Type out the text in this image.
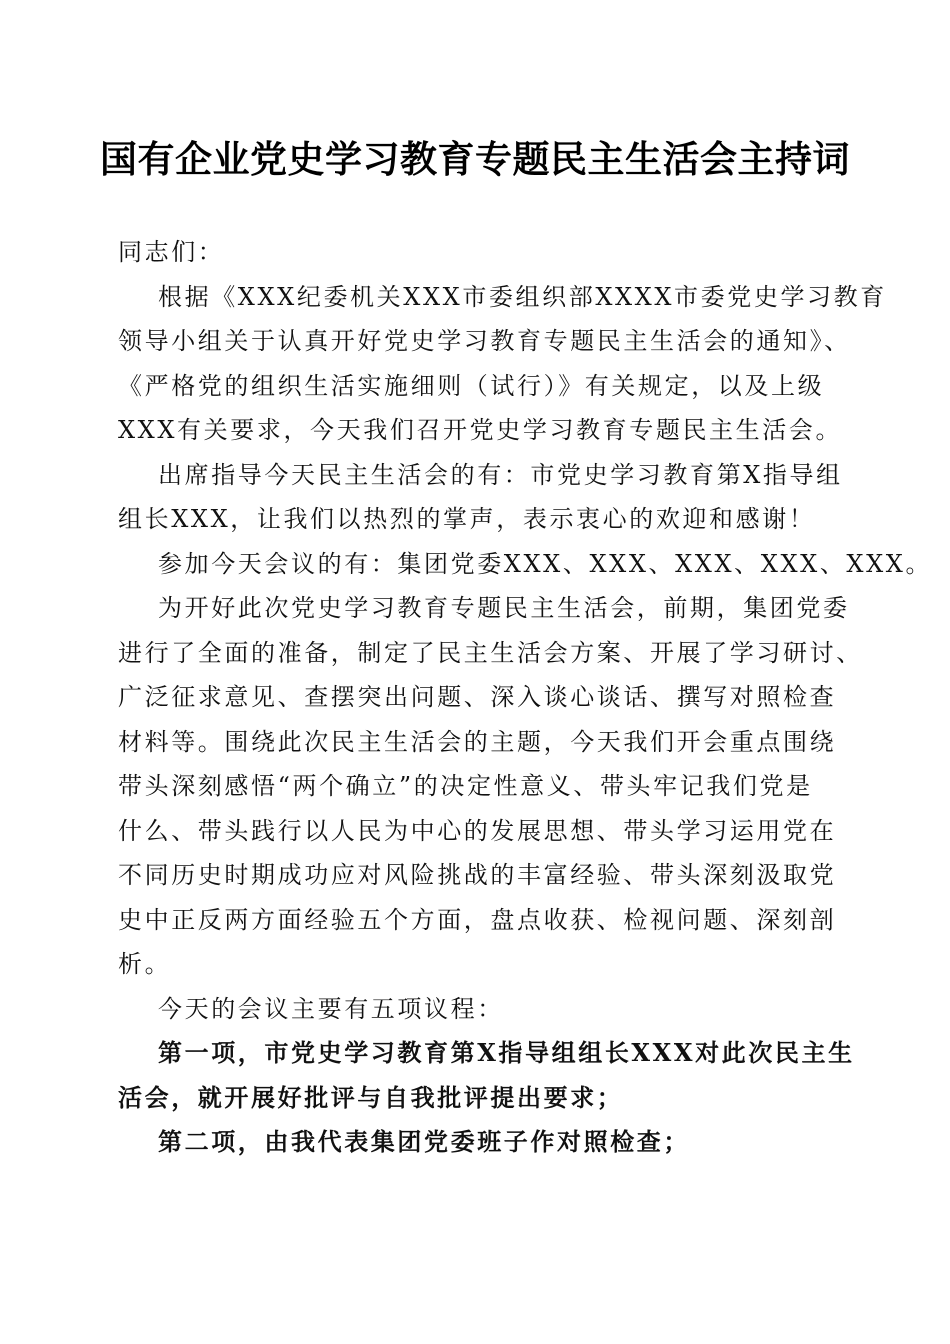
国有企业党史学习教育专题民主生活会主持词
同志们：
根据《XXX纪委机关XXX市委组织部XXXX市委党史学习教育
领导小组关于认真开好党史学习教育专题民主生活会的通知》、
《严格党的组织生活实施细则（试行）》有关规定，以及上级
XXX有关要求，今天我们召开党史学习教育专题民主生活会。
出席指导今天民主生活会的有：市党史学习教育第X指导组
组长XXX，让我们以热烈的掌声，表示衷心的欢迎和感谢！
参加今天会议的有：集团党委XXX、XXX、XXX、XXX、XXX。
为开好此次党史学习教育专题民主生活会，前期，集团党委
进行了全面的准备，制定了民主生活会方案、开展了学习研讨、
广泛征求意见、查摆突出问题、深入谈心谈话、撰写对照检查
材料等。围绕此次民主生活会的主题，今天我们开会重点围绕
带头深刻感悟“两个确立”的决定性意义、带头牢记我们党是
什么、带头践行以人民为中心的发展思想、带头学习运用党在
不同历史时期成功应对风险挑战的丰富经验、带头深刻汲取党
史中正反两方面经验五个方面，盘点收获、检视问题、深刻剖
析。
今天的会议主要有五项议程：
第一项，市党史学习教育第X指导组组长XXX对此次民主生
活会，就开展好批评与自我批评提出要求；
第二项，由我代表集团党委班子作对照检查；
